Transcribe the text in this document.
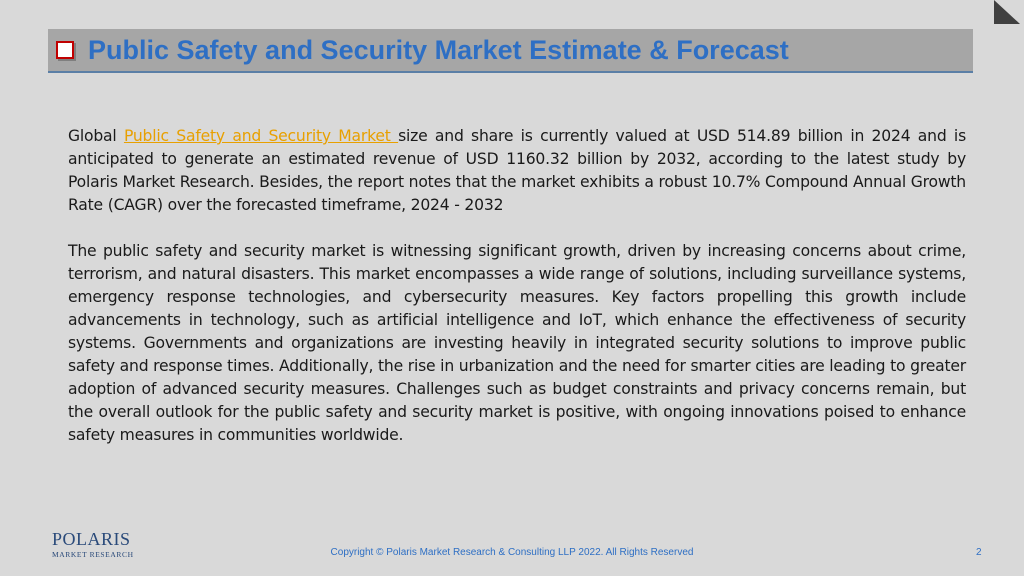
Public Safety and Security Market Estimate & Forecast

Global Public Safety and Security Market size and share is currently valued at USD 514.89 billion in 2024 and is anticipated to generate an estimated revenue of USD 1160.32 billion by 2032, according to the latest study by Polaris Market Research. Besides, the report notes that the market exhibits a robust 10.7% Compound Annual Growth Rate (CAGR) over the forecasted timeframe, 2024 - 2032

The public safety and security market is witnessing significant growth, driven by increasing concerns about crime, terrorism, and natural disasters. This market encompasses a wide range of solutions, including surveillance systems, emergency response technologies, and cybersecurity measures. Key factors propelling this growth include advancements in technology, such as artificial intelligence and IoT, which enhance the effectiveness of security systems. Governments and organizations are investing heavily in integrated security solutions to improve public safety and response times. Additionally, the rise in urbanization and the need for smarter cities are leading to greater adoption of advanced security measures. Challenges such as budget constraints and privacy concerns remain, but the overall outlook for the public safety and security market is positive, with ongoing innovations poised to enhance safety measures in communities worldwide.

POLARIS
MARKET RESEARCH	Copyright © Polaris Market Research & Consulting LLP 2022. All Rights Reserved	2
